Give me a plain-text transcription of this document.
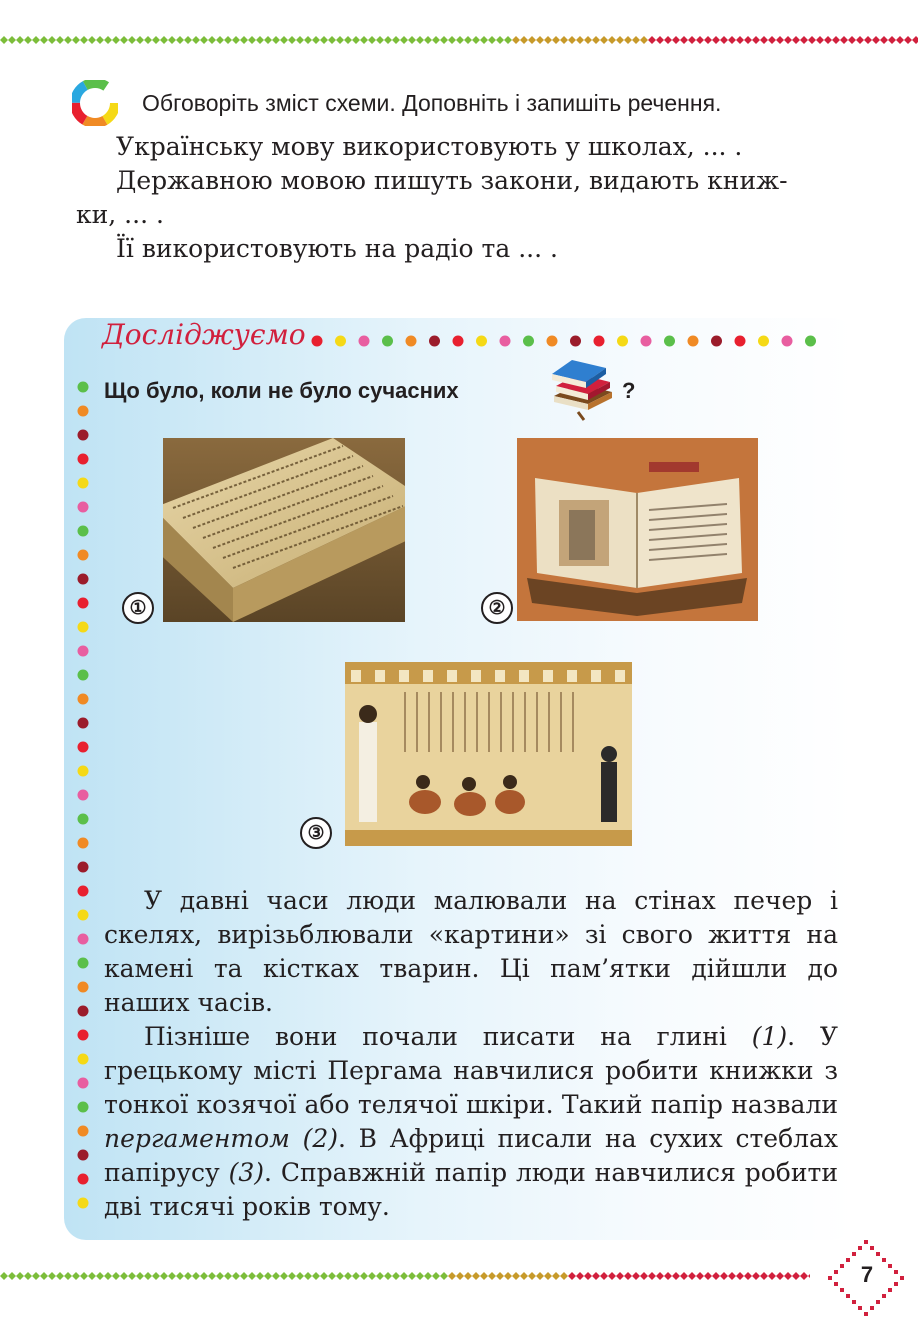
Обговоріть зміст схеми. Доповніть і запишіть речення.

Українську мову використовують у школах, ... .

Державною мовою пишуть закони, видають книж-

ки, ... .

Її використовують на радіо та ... .

Досліджуємо
Що було, коли не було сучасних	?
①	②
③

У давні часи люди малювали на стінах печер і скелях, вирізьблювали «картини» зі свого життя на камені та кістках тварин. Ці пам’ятки дійшли до наших часів.

Пізніше вони почали писати на глині (1). У грецькому місті Пергама навчилися робити книжки з тонкої козячої або телячої шкіри. Такий папір назвали пергаментом (2). В Африці писали на сухих стеблах папірусу (3). Справжній папір люди навчилися робити дві тисячі років тому.

7
